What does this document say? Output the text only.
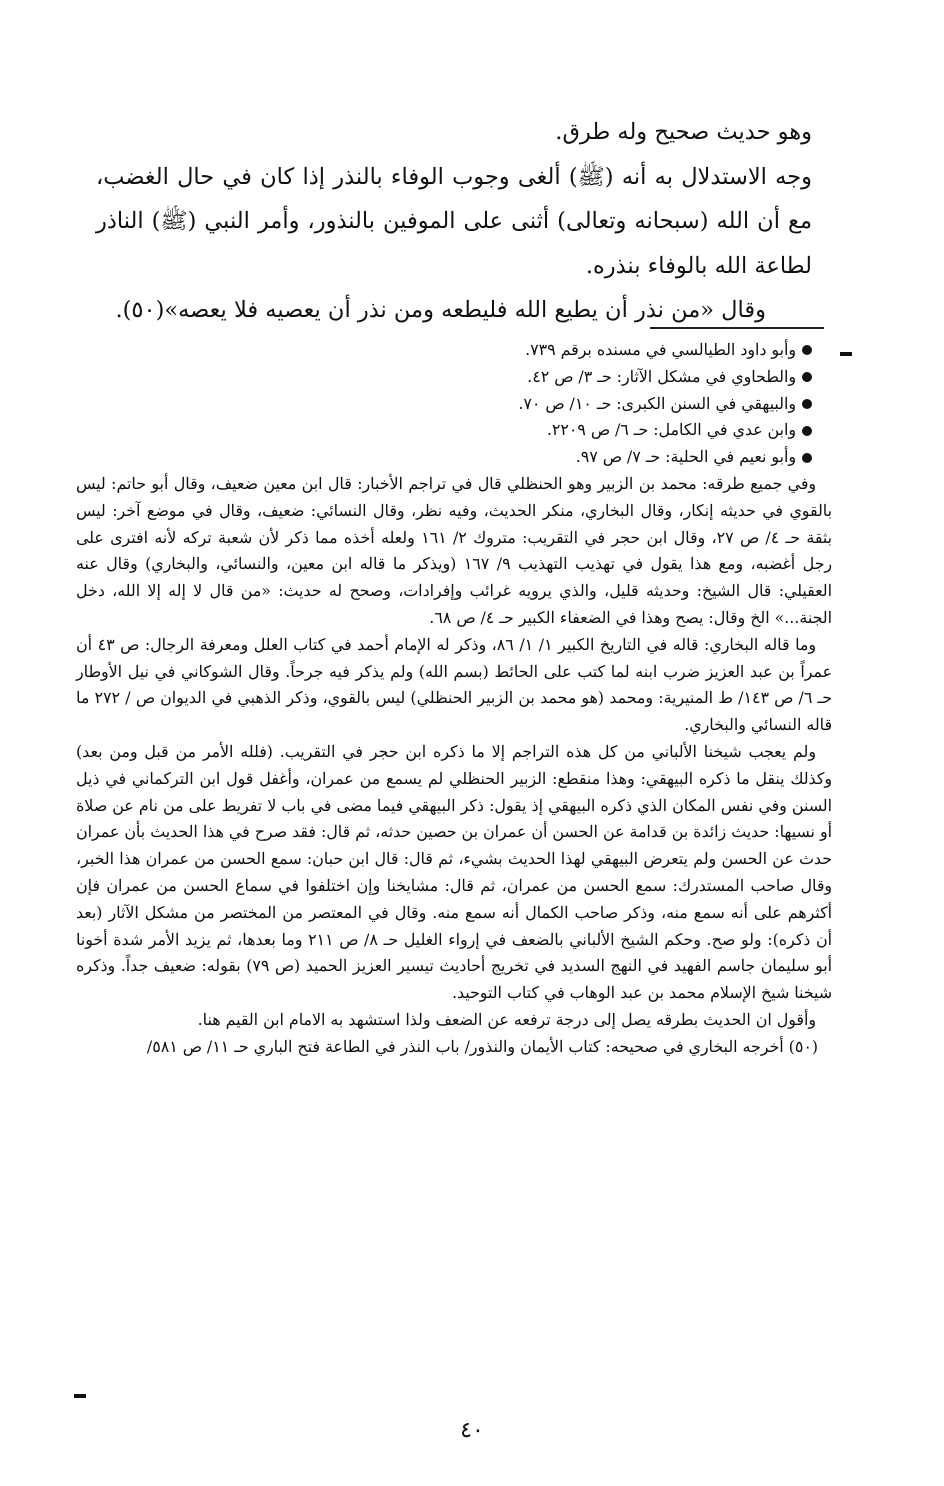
وهو حديث صحيح وله طرق.

وجه الاستدلال به أنه (ﷺ) ألغى وجوب الوفاء بالنذر إذا كان في حال الغضب، مع أن الله (سبحانه وتعالى) أثنى على الموفين بالنذور، وأمر النبي (ﷺ) الناذر لطاعة الله بالوفاء بنذره.

وقال «من نذر أن يطيع الله فليطعه ومن نذر أن يعصيه فلا يعصه»(٥٠).

وأبو داود الطيالسي في مسنده برقم ٧٣٩.
والطحاوي في مشكل الآثار: حـ ٣/ ص ٤٢.
والبيهقي في السنن الكبرى: حـ ١٠/ ص ٧٠.
وابن عدي في الكامل: حـ ٦/ ص ٢٢٠٩.
وأبو نعيم في الحلية: حـ ٧/ ص ٩٧.

وفي جميع طرقه: محمد بن الزبير وهو الحنظلي قال في تراجم الأخبار: قال ابن معين ضعيف، وقال أبو حاتم: ليس بالقوي في حديثه إنكار، وقال البخاري، منكر الحديث، وفيه نظر، وقال النسائي: ضعيف، وقال في موضع آخر: ليس بثقة حـ ٤/ ص ٢٧، وقال ابن حجر في التقريب: متروك ٢/ ١٦١ ولعله أخذه مما ذكر لأن شعبة تركه لأنه افترى على رجل أغضبه، ومع هذا يقول في تهذيب التهذيب ٩/ ١٦٧ (ويذكر ما قاله ابن معين، والنسائي، والبخاري) وقال عنه العقيلي: قال الشيخ: وحديثه قليل، والذي يرويه غرائب وإفرادات، وصحح له حديث: «من قال لا إله إلا الله، دخل الجنة...» الخ وقال: يصح وهذا في الضعفاء الكبير حـ ٤/ ص ٦٨.

وما قاله البخاري: قاله في التاريخ الكبير ١/ ١/ ٨٦، وذكر له الإمام أحمد في كتاب العلل ومعرفة الرجال: ص ٤٣ أن عمراً بن عبد العزيز ضرب ابنه لما كتب على الحائط (بسم الله) ولم يذكر فيه جرحاً. وقال الشوكاني في نيل الأوطار حـ ٦/ ص ١٤٣/ ط المنيرية: ومحمد (هو محمد بن الزبير الحنظلي) ليس بالقوي، وذكر الذهبي في الديوان ص / ٢٧٢ ما قاله النسائي والبخاري.

ولم يعجب شيخنا الألباني من كل هذه التراجم إلا ما ذكره ابن حجر في التقريب. (فلله الأمر من قبل ومن بعد) وكذلك ينقل ما ذكره البيهقي: وهذا منقطع: الزبير الحنظلي لم يسمع من عمران، وأغفل قول ابن التركماني في ذيل السنن وفي نفس المكان الذي ذكره البيهقي إذ يقول: ذكر البيهقي فيما مضى في باب لا تفريط على من نام عن صلاة أو نسيها: حديث زائدة بن قدامة عن الحسن أن عمران بن حصين حدثه، ثم قال: فقد صرح في هذا الحديث بأن عمران حدث عن الحسن ولم يتعرض البيهقي لهذا الحديث بشيء، ثم قال: قال ابن حبان: سمع الحسن من عمران هذا الخبر، وقال صاحب المستدرك: سمع الحسن من عمران، ثم قال: مشايخنا وإن اختلفوا في سماع الحسن من عمران فإن أكثرهم على أنه سمع منه، وذكر صاحب الكمال أنه سمع منه. وقال في المعتصر من المختصر من مشكل الآثار (بعد أن ذكره): ولو صح. وحكم الشيخ الألباني بالضعف في إرواء الغليل حـ ٨/ ص ٢١١ وما بعدها، ثم يزيد الأمر شدة أخونا أبو سليمان جاسم الفهيد في النهج السديد في تخريج أحاديث تيسير العزيز الحميد (ص ٧٩) بقوله: ضعيف جداً. وذكره شيخنا شيخ الإسلام محمد بن عبد الوهاب في كتاب التوحيد.

وأقول ان الحديث بطرقه يصل إلى درجة ترفعه عن الضعف ولذا استشهد به الامام ابن القيم هنا.

(٥٠) أخرجه البخاري في صحيحه: كتاب الأيمان والنذور/ باب النذر في الطاعة فتح الباري حـ ١١/ ص ٥٨١/

٤٠
